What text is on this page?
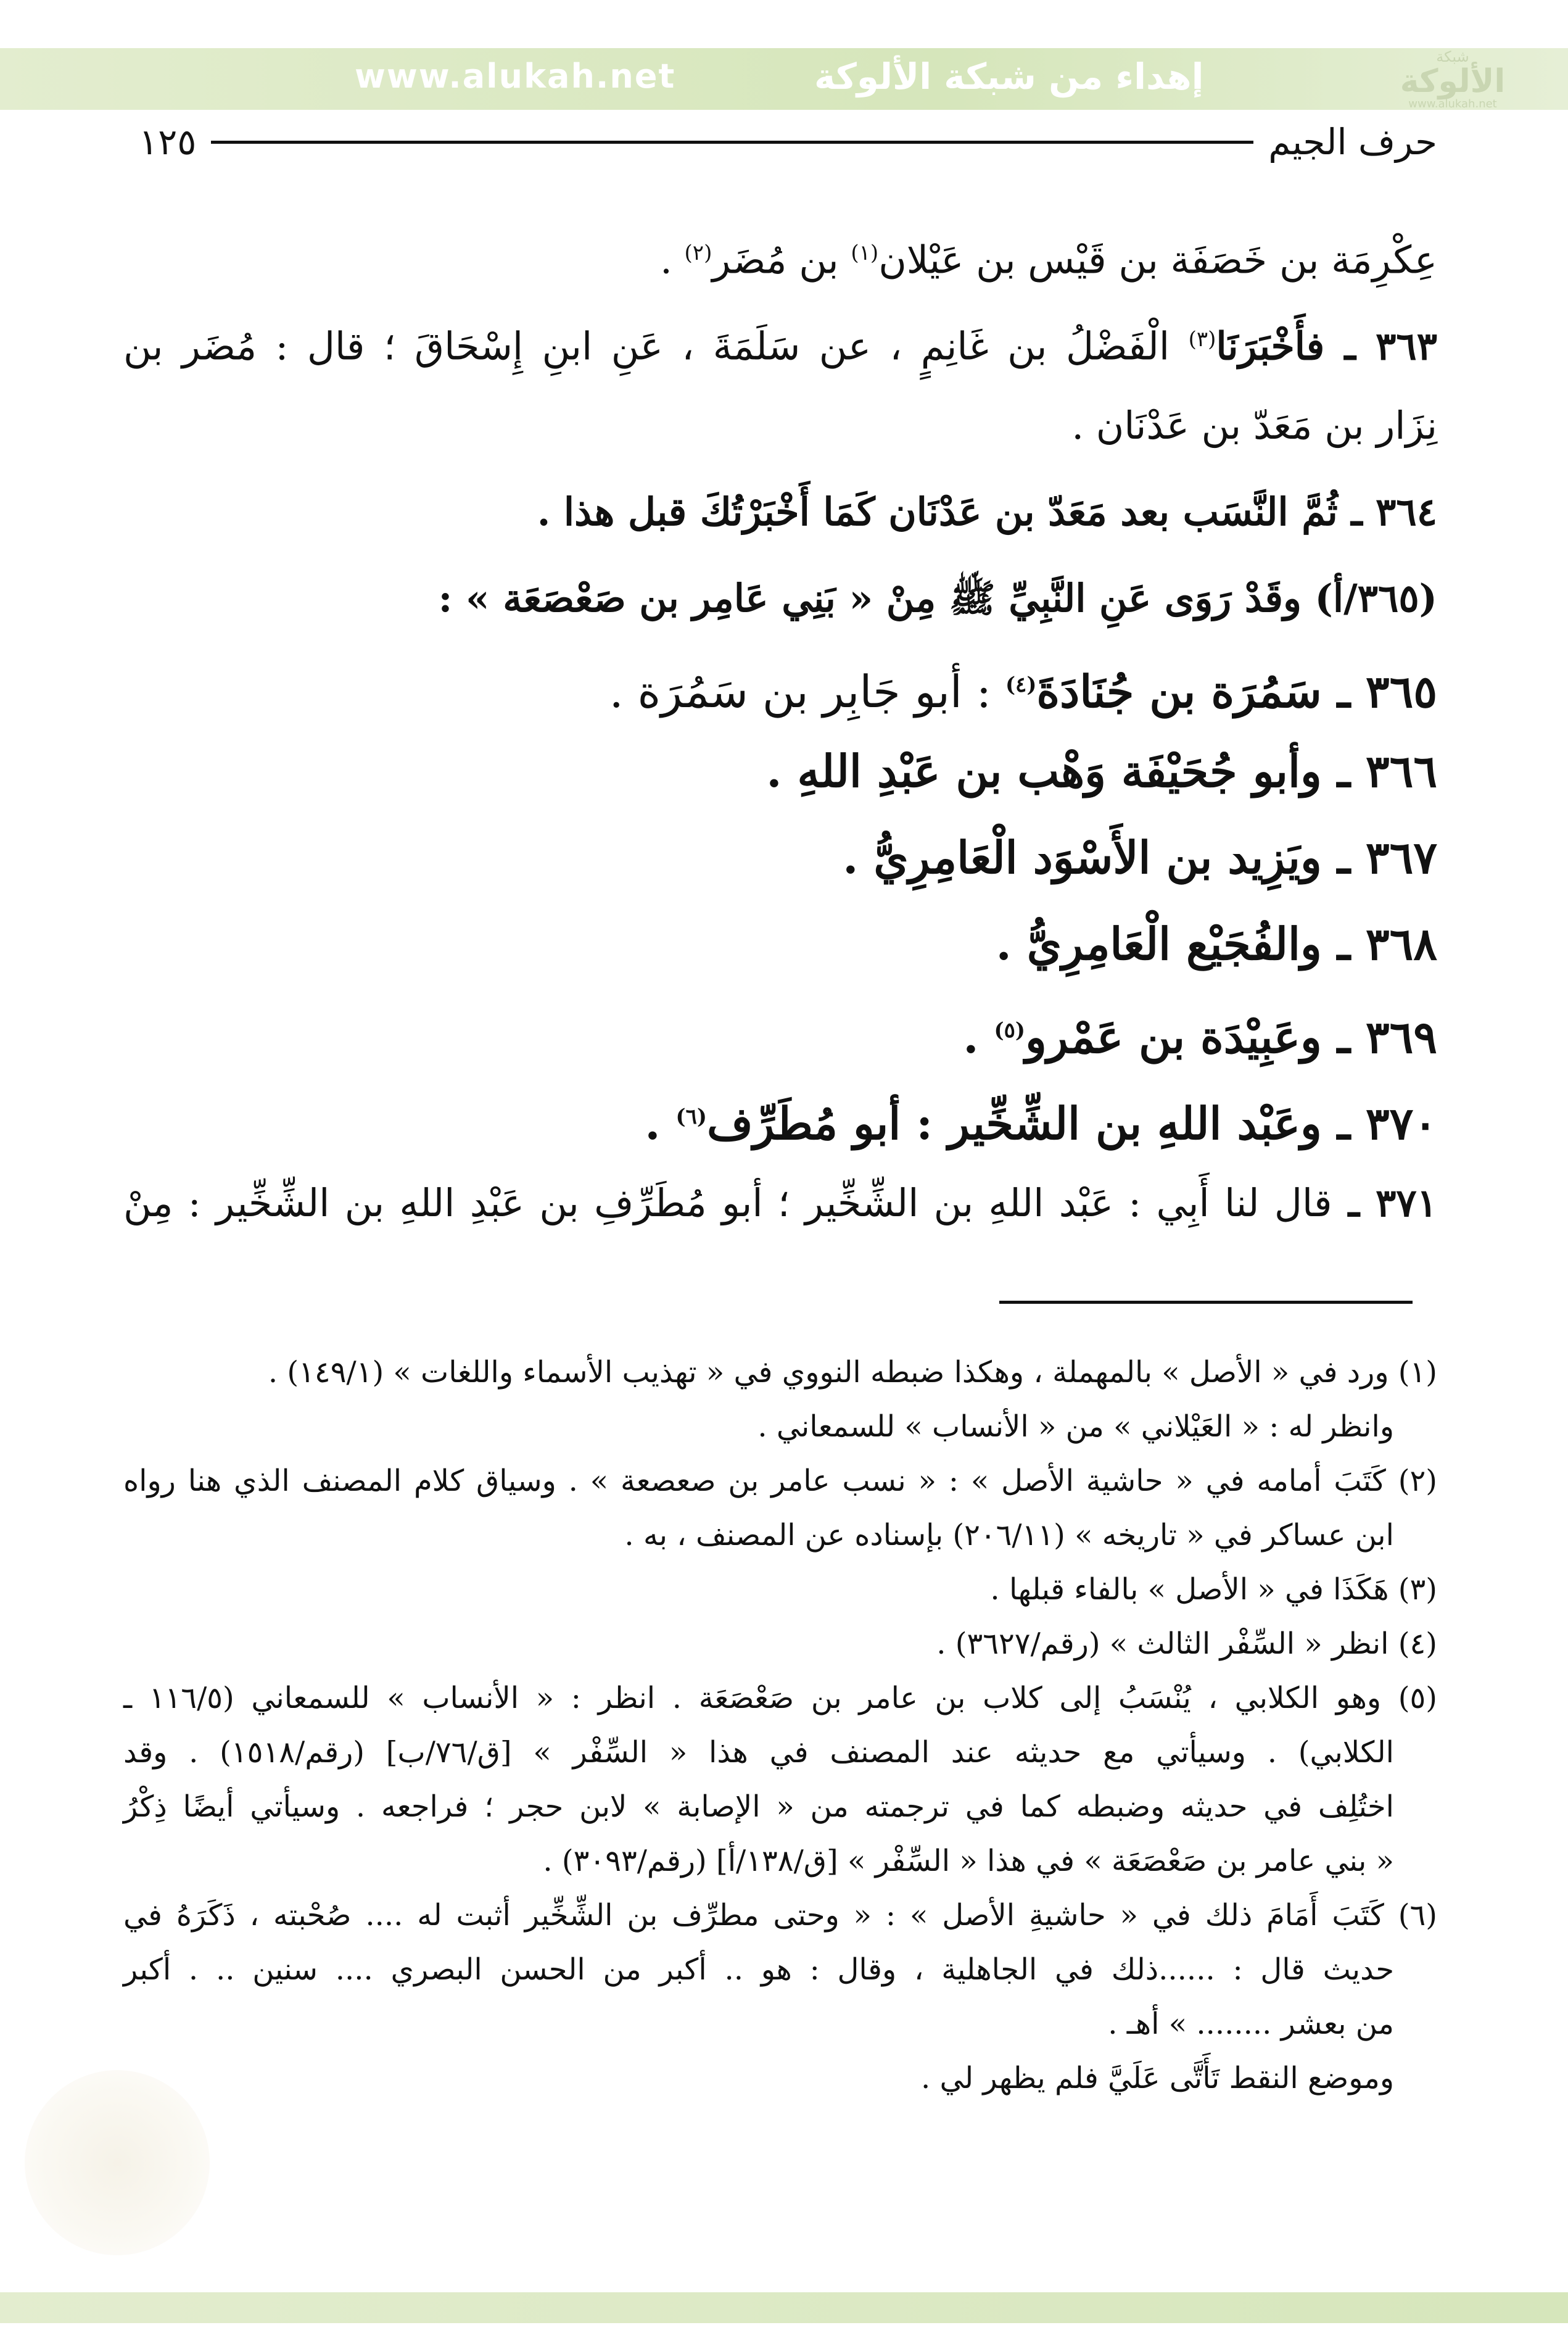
www.alukah.net	إهداء من شبكة الألوكة	شبكة
الألوكة
www.alukah.net
حرف الجيم
١٢٥
عِكْرِمَة بن خَصَفَة بن قَيْس بن عَيْلان$^{(١)}$ بن مُضَر$^{(٢)}$ .
٣٦٣ ـ فأَخْبَرَنَا$^{(٣)}$ الْفَضْلُ بن غَانِمٍ ، عن سَلَمَةَ ، عَنِ ابنِ إِسْحَاقَ ؛ قال : مُضَر بن
نِزَار بن مَعَدّ بن عَدْنَان .
٣٦٤ ـ ثُمَّ النَّسَب بعد مَعَدّ بن عَدْنَان كَمَا أَخْبَرْتُكَ قبل هذا .
(٣٦٥/أ) وقَدْ رَوَى عَنِ النَّبِيِّ ﷺ مِنْ « بَنِي عَامِر بن صَعْصَعَة » :
٣٦٥ ـ سَمُرَة بن جُنَادَةَ$^{(٤)}$ : أبو جَابِر بن سَمُرَة .
٣٦٦ ـ وأبو جُحَيْفَة وَهْب بن عَبْدِ اللهِ .
٣٦٧ ـ ويَزِيد بن الأَسْوَد الْعَامِرِيُّ .
٣٦٨ ـ والفُجَيْع الْعَامِرِيُّ .
٣٦٩ ـ وعَبِيْدَة بن عَمْرو$^{(٥)}$ .
٣٧٠ ـ وعَبْد اللهِ بن الشِّخِّير : أبو مُطَرِّف$^{(٦)}$ .
٣٧١ ـ قال لنا أَبِي : عَبْد اللهِ بن الشِّخِّير ؛ أبو مُطَرِّفِ بن عَبْدِ اللهِ بن الشِّخِّير : مِنْ
(١) ورد في « الأصل » بالمهملة ، وهكذا ضبطه النووي في « تهذيب الأسماء واللغات » (١٤٩/١) .
وانظر له : « العَيْلاني » من « الأنساب » للسمعاني .
(٢) كَتَبَ أمامه في « حاشية الأصل » : « نسب عامر بن صعصعة » . وسياق كلام المصنف الذي هنا رواه
ابن عساكر في « تاريخه » (٢٠٦/١١) بإسناده عن المصنف ، به .
(٣) هَكَذَا في « الأصل » بالفاء قبلها .
(٤) انظر « السِّفْر الثالث » (رقم/٣٦٢٧) .
(٥) وهو الكلابي ، يُنْسَبُ إلى كلاب بن عامر بن صَعْصَعَة . انظر : « الأنساب » للسمعاني (١١٦/٥ ـ
الكلابي) . وسيأتي مع حديثه عند المصنف في هذا « السِّفْر » [ق/٧٦/ب] (رقم/١٥١٨) . وقد
اختُلِف في حديثه وضبطه كما في ترجمته من « الإصابة » لابن حجر ؛ فراجعه . وسيأتي أيضًا ذِكْرُ
« بني عامر بن صَعْصَعَة » في هذا « السِّفْر » [ق/١٣٨/أ] (رقم/٣٠٩٣) .
(٦) كَتَبَ أَمَامَ ذلك في « حاشيةِ الأصل » : « وحتى مطرِّف بن الشِّخِّير أثبت له .... صُحْبته ، ذَكَرَهُ في
حديث قال : ......ذلك في الجاهلية ، وقال : هو .. أكبر من الحسن البصري .... سنين .. . أكبر
من بعشر ........ » أهـ .
وموضع النقط تَأَتَّى عَلَيَّ فلم يظهر لي .
